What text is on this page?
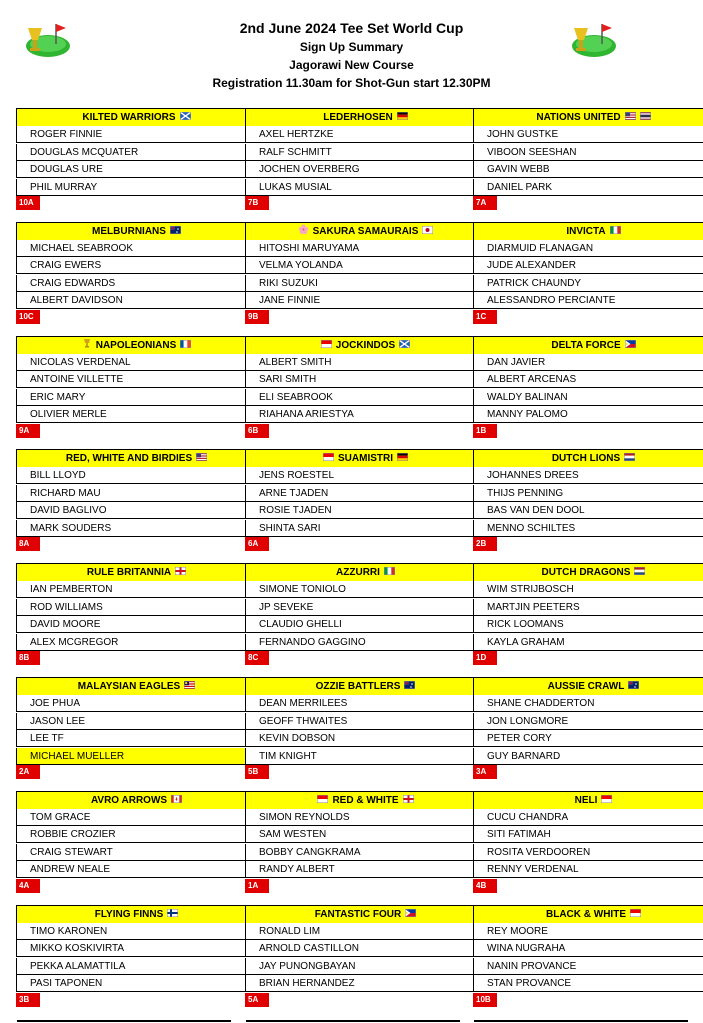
2nd June 2024 Tee Set World Cup
Sign Up Summary
Jagorawi New Course
Registration 11.30am for Shot-Gun start 12.30PM
KILTED WARRIORS
ROGER FINNIE
DOUGLAS MCQUATER
DOUGLAS URE
PHIL MURRAY
10A
LEDERHOSEN
AXEL HERTZKE
RALF SCHMITT
JOCHEN OVERBERG
LUKAS MUSIAL
7B
NATIONS UNITED
JOHN GUSTKE
VIBOON SEESHAN
GAVIN WEBB
DANIEL PARK
7A
MELBURNIANS
MICHAEL SEABROOK
CRAIG EWERS
CRAIG EDWARDS
ALBERT DAVIDSON
10C
SAKURA SAMAURAIS
HITOSHI MARUYAMA
VELMA YOLANDA
RIKI SUZUKI
JANE FINNIE
9B
INVICTA
DIARMUID FLANAGAN
JUDE ALEXANDER
PATRICK CHAUNDY
ALESSANDRO PERCIANTE
1C
NAPOLEONIANS
NICOLAS VERDENAL
ANTOINE VILLETTE
ERIC MARY
OLIVIER MERLE
9A
JOCKINDOS
ALBERT SMITH
SARI SMITH
ELI SEABROOK
RIAHANA ARIESTYA
6B
DELTA FORCE
DAN JAVIER
ALBERT ARCENAS
WALDY BALINAN
MANNY PALOMO
1B
RED, WHITE AND BIRDIES
BILL LLOYD
RICHARD MAU
DAVID BAGLIVO
MARK SOUDERS
8A
SUAMISTRI
JENS ROESTEL
ARNE TJADEN
ROSIE TJADEN
SHINTA SARI
6A
DUTCH LIONS
JOHANNES DREES
THIJS PENNING
BAS VAN DEN DOOL
MENNO SCHILTES
2B
RULE BRITANNIA
IAN PEMBERTON
ROD WILLIAMS
DAVID MOORE
ALEX MCGREGOR
8B
AZZURRI
SIMONE TONIOLO
JP SEVEKE
CLAUDIO GHELLI
FERNANDO GAGGINO
8C
DUTCH DRAGONS
WIM STRIJBOSCH
MARTJIN PEETERS
RICK LOOMANS
KAYLA GRAHAM
1D
MALAYSIAN EAGLES
JOE PHUA
JASON LEE
LEE TF
MICHAEL MUELLER
2A
OZZIE BATTLERS
DEAN MERRILEES
GEOFF THWAITES
KEVIN DOBSON
TIM KNIGHT
5B
AUSSIE CRAWL
SHANE CHADDERTON
JON LONGMORE
PETER CORY
GUY BARNARD
3A
AVRO ARROWS
TOM GRACE
ROBBIE CROZIER
CRAIG STEWART
ANDREW NEALE
4A
RED & WHITE
SIMON REYNOLDS
SAM WESTEN
BOBBY CANGKRAMA
RANDY ALBERT
1A
NELI
CUCU CHANDRA
SITI FATIMAH
ROSITA VERDOOREN
RENNY VERDENAL
4B
FLYING FINNS
TIMO KARONEN
MIKKO KOSKIVIRTA
PEKKA ALAMATTILA
PASI TAPONEN
3B
FANTASTIC FOUR
RONALD LIM
ARNOLD CASTILLON
JAY PUNONGBAYAN
BRIAN HERNANDEZ
5A
BLACK & WHITE
REY MOORE
WINA NUGRAHA
NANIN PROVANCE
STAN PROVANCE
10B
